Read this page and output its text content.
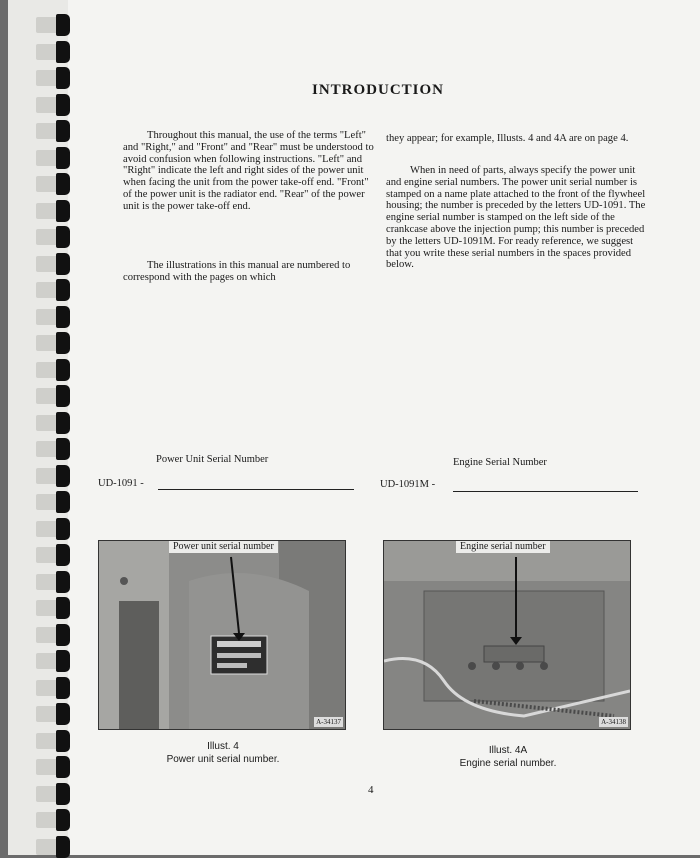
INTRODUCTION

Throughout this manual, the use of the terms "Left" and "Right," and "Front" and "Rear" must be understood to avoid confusion when following instructions. "Left" and "Right" indicate the left and right sides of the power unit when facing the unit from the power take-off end. "Front" of the power unit is the radiator end. "Rear" of the power unit is the power take-off end.

The illustrations in this manual are numbered to correspond with the pages on which

they appear; for example, Illusts. 4 and 4A are on page 4.

When in need of parts, always specify the power unit and engine serial numbers. The power unit serial number is stamped on a name plate attached to the front of the flywheel housing; the number is preceded by the letters UD-1091. The engine serial number is stamped on the left side of the crankcase above the injection pump; this number is preceded by the letters UD-1091M. For ready reference, we suggest that you write these serial numbers in the spaces provided below.

Power Unit Serial Number
UD-1091 -
Engine Serial Number
UD-1091M -
Power unit serial number
A-34137
Engine serial number
A-34138
Illust. 4
Power unit serial number.
Illust. 4A
Engine serial number.
4
